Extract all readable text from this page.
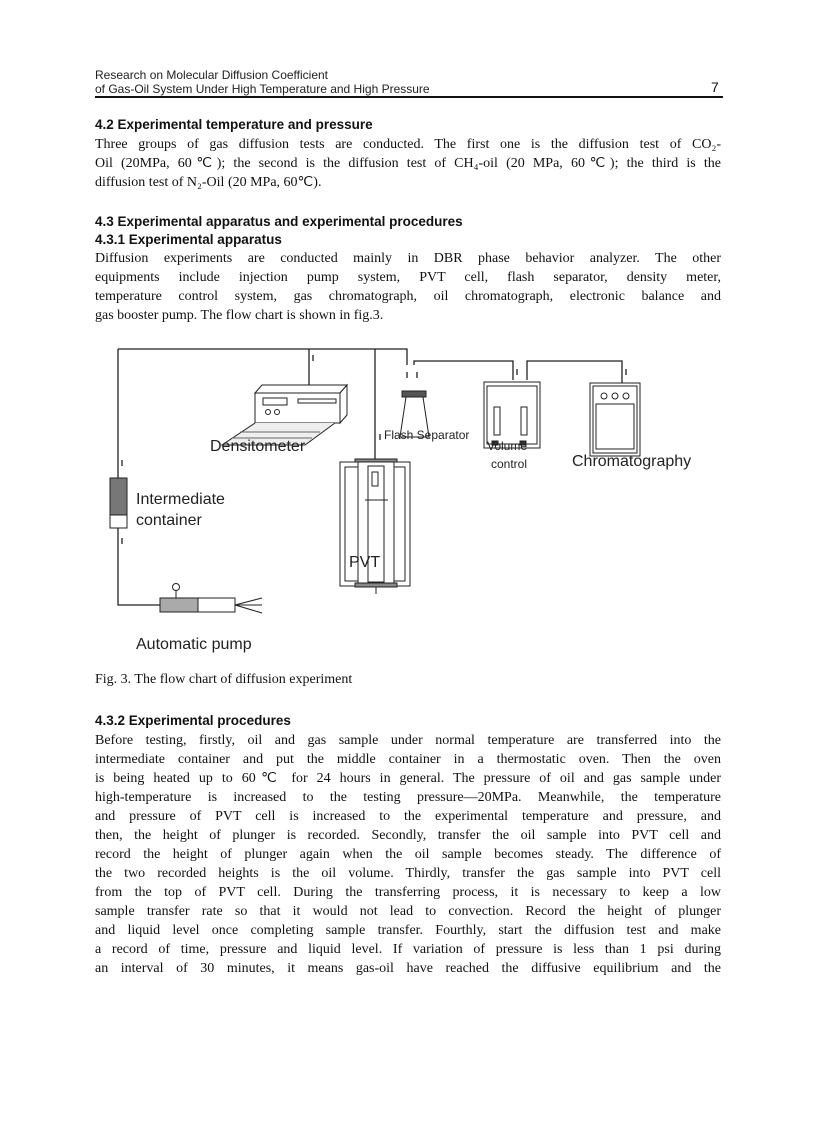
Research on Molecular Diffusion Coefficient
of Gas-Oil System Under High Temperature and High Pressure	7
4.2 Experimental temperature and pressure
Three groups of gas diffusion tests are conducted. The first one is the diffusion test of CO₂-
Oil (20MPa, 60℃); the second is the diffusion test of CH₄-oil (20 MPa, 60℃); the third is the
diffusion test of N₂-Oil (20 MPa, 60℃).
4.3 Experimental apparatus and experimental procedures
4.3.1 Experimental apparatus
Diffusion experiments are conducted mainly in DBR phase behavior analyzer. The other
equipments include injection pump system, PVT cell, flash separator, density meter,
temperature control system, gas chromatograph, oil chromatograph, electronic balance and
gas booster pump. The flow chart is shown in fig.3.
Densitometer
Flash Separator
Volume
control	Chromatography
Intermediate
container
PVT
Automatic pump
Fig. 3. The flow chart of diffusion experiment
4.3.2 Experimental procedures
Before testing, firstly, oil and gas sample under normal temperature are transferred into the
intermediate container and put the middle container in a thermostatic oven. Then the oven
is being heated up to 60℃ for 24 hours in general. The pressure of oil and gas sample under
high-temperature is increased to the testing pressure—20MPa. Meanwhile, the temperature
and pressure of PVT cell is increased to the experimental temperature and pressure, and
then, the height of plunger is recorded. Secondly, transfer the oil sample into PVT cell and
record the height of plunger again when the oil sample becomes steady. The difference of
the two recorded heights is the oil volume. Thirdly, transfer the gas sample into PVT cell
from the top of PVT cell. During the transferring process, it is necessary to keep a low
sample transfer rate so that it would not lead to convection. Record the height of plunger
and liquid level once completing sample transfer. Fourthly, start the diffusion test and make
a record of time, pressure and liquid level. If variation of pressure is less than 1 psi during
an interval of 30 minutes, it means gas-oil have reached the diffusive equilibrium and the
